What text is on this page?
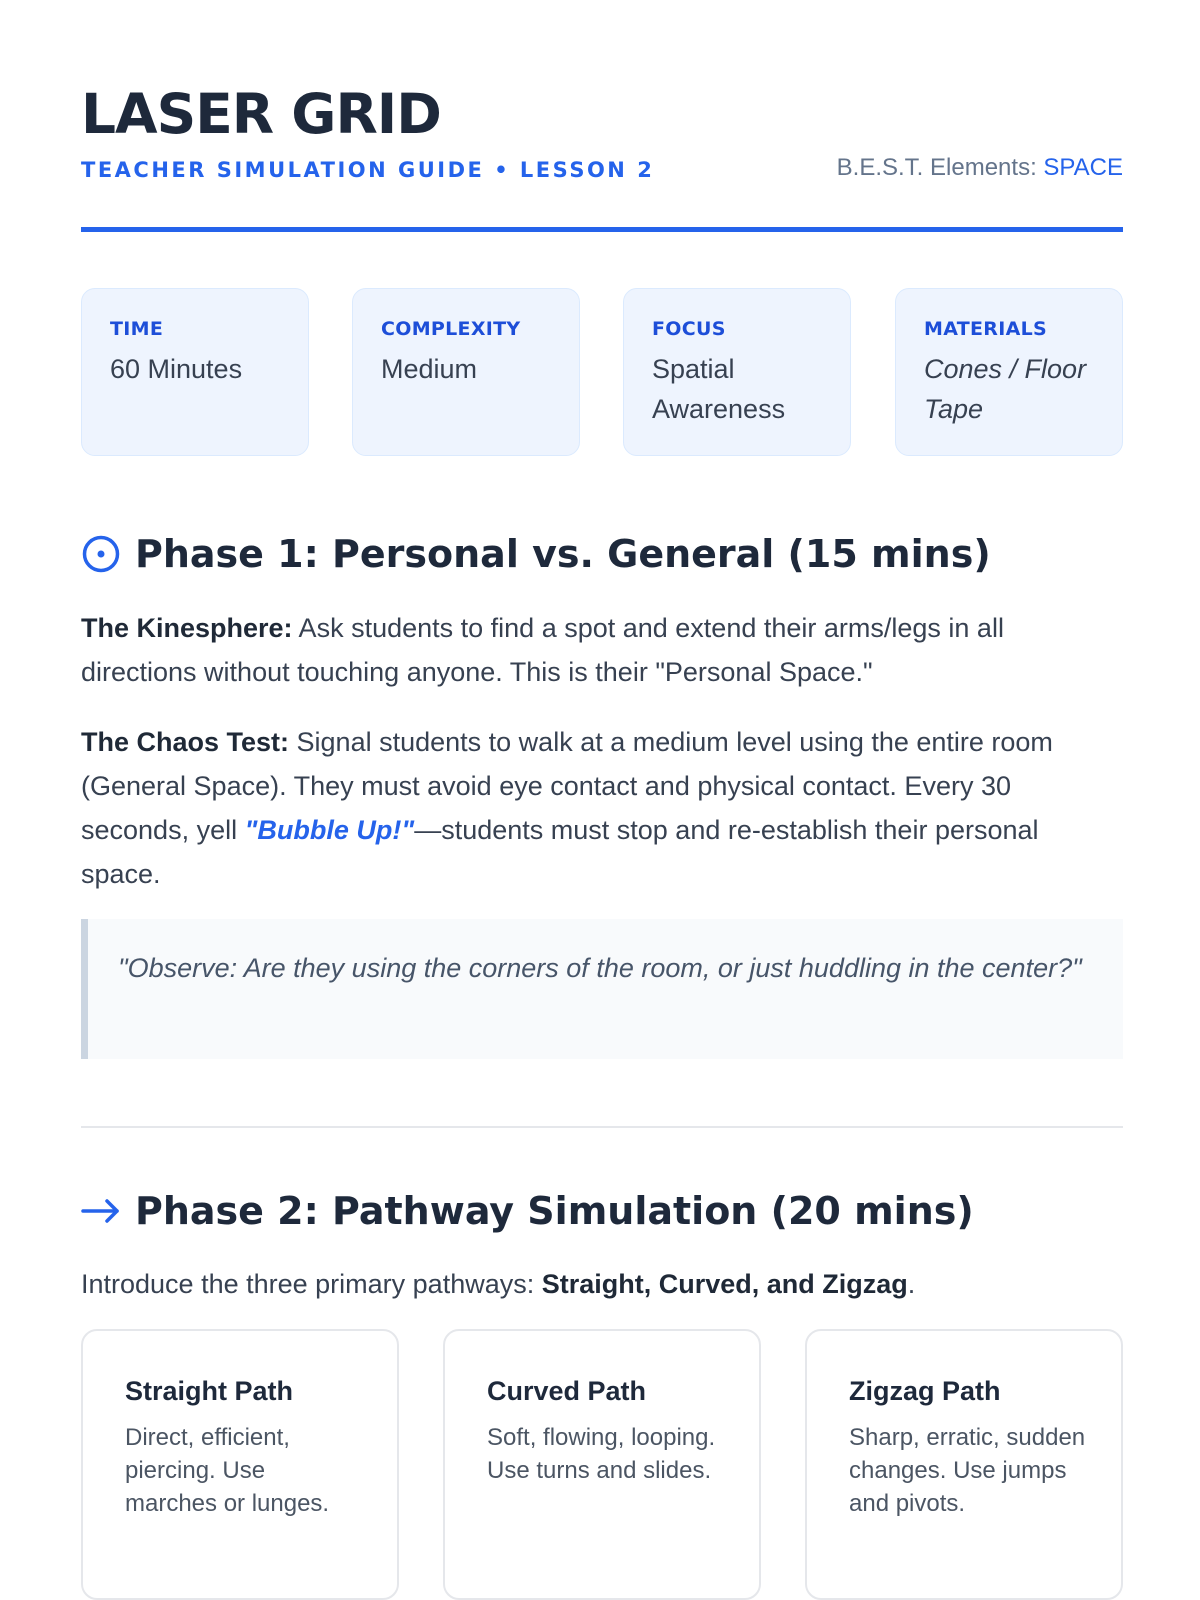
LASER GRID
TEACHER SIMULATION GUIDE • LESSON 2	B.E.S.T. Elements: SPACE
TIME
60 Minutes
COMPLEXITY
Medium
FOCUS
Spatial Awareness
MATERIALS
Cones / Floor Tape
Phase 1: Personal vs. General (15 mins)

The Kinesphere: Ask students to find a spot and extend their arms/legs in all directions without touching anyone. This is their "Personal Space."

The Chaos Test: Signal students to walk at a medium level using the entire room (General Space). They must avoid eye contact and physical contact. Every 30 seconds, yell "Bubble Up!"—students must stop and re-establish their personal space.

"Observe: Are they using the corners of the room, or just huddling in the center?"
Phase 2: Pathway Simulation (20 mins)

Introduce the three primary pathways: Straight, Curved, and Zigzag.

Straight Path
Direct, efficient, piercing. Use marches or lunges.
Curved Path
Soft, flowing, looping. Use turns and slides.
Zigzag Path
Sharp, erratic, sudden changes. Use jumps and pivots.
